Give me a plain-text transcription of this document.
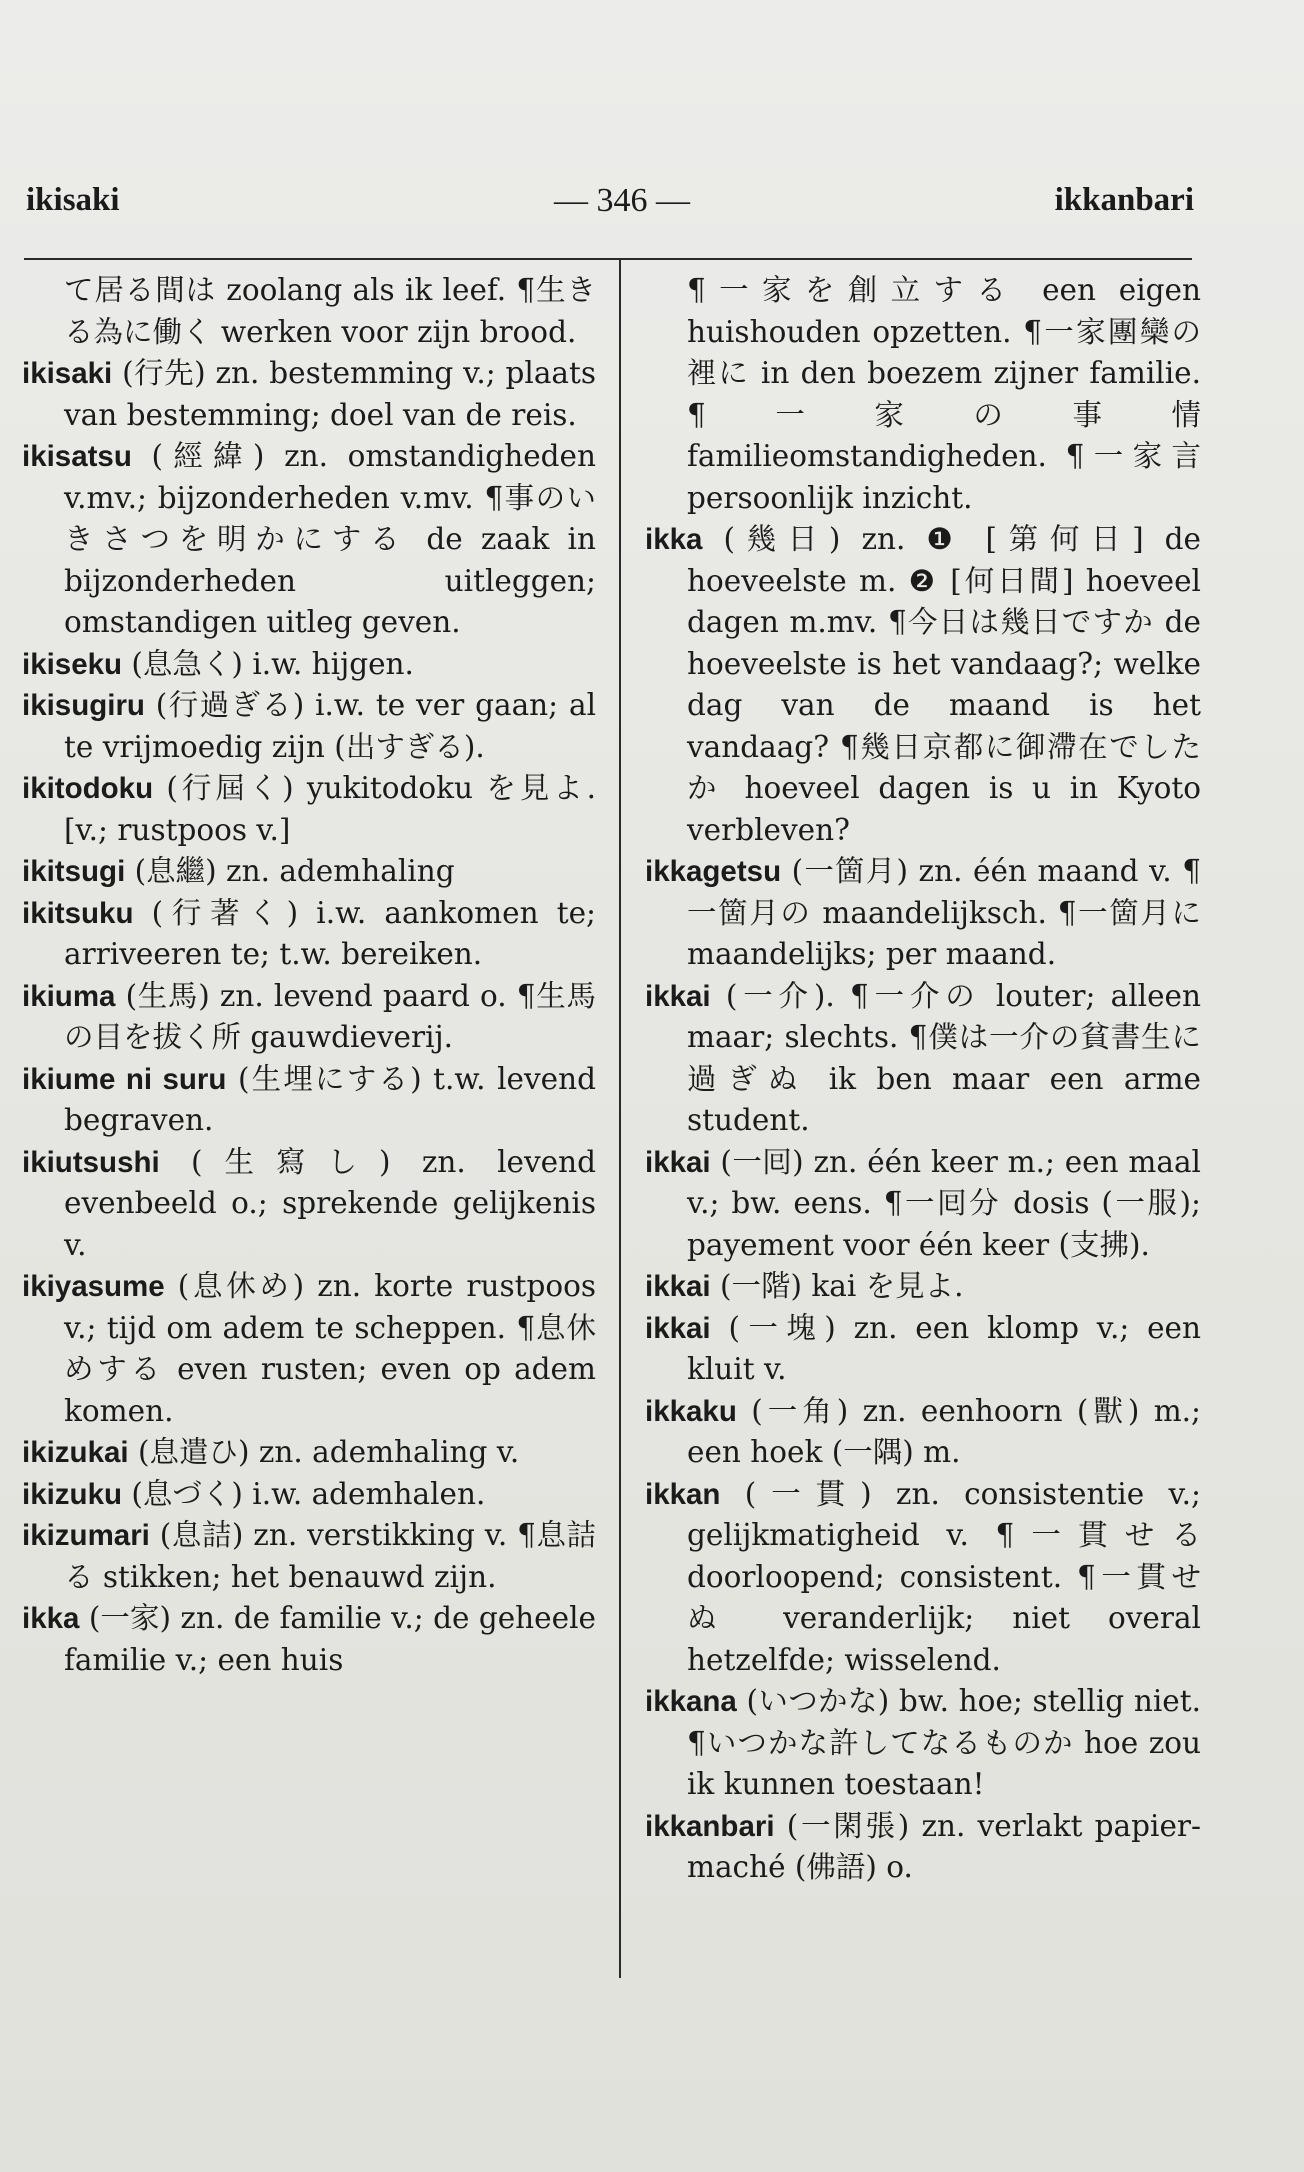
ikisaki	— 346 —	ikkanbari

て居る間は zoolang als ik leef. ¶生きる為に働く werken voor zijn brood.

ikisaki (行先) zn. bestemming v.; plaats van bestemming; doel van de reis.

ikisatsu (經緯) zn. omstandigheden v.mv.; bijzonderheden v.mv. ¶事のいきさつを明かにする de zaak in bijzonderheden uitleggen; omstandigen uitleg geven.

ikiseku (息急く) i.w. hijgen.

ikisugiru (行過ぎる) i.w. te ver gaan; al te vrijmoedig zijn (出すぎる).

ikitodoku (行屆く) yukitodoku を見よ. [v.; rustpoos v.]

ikitsugi (息繼) zn. ademhaling

ikitsuku (行著く) i.w. aankomen te; arriveeren te; t.w. bereiken.

ikiuma (生馬) zn. levend paard o. ¶生馬の目を拔く所 gauwdieverij.

ikiume ni suru (生埋にする) t.w. levend begraven.

ikiutsushi (生寫し) zn. levend evenbeeld o.; sprekende gelijkenis v.

ikiyasume (息休め) zn. korte rustpoos v.; tijd om adem te scheppen. ¶息休めする even rusten; even op adem komen.

ikizukai (息遣ひ) zn. ademhaling v.

ikizuku (息づく) i.w. ademhalen.

ikizumari (息詰) zn. verstikking v. ¶息詰る stikken; het benauwd zijn.

ikka (一家) zn. de familie v.; de geheele familie v.; een huis

¶一家を創立する een eigen huishouden opzetten. ¶一家團欒の裡に in den boezem zijner familie. ¶一家の事情 familieomstandigheden. ¶一家言 persoonlijk inzicht.

ikka (幾日) zn. ❶ [第何日] de hoeveelste m. ❷ [何日間] hoeveel dagen m.mv. ¶今日は幾日ですか de hoeveelste is het vandaag?; welke dag van de maand is het vandaag? ¶幾日京都に御滯在でしたか hoeveel dagen is u in Kyoto verbleven?

ikkagetsu (一箇月) zn. één maand v. ¶一箇月の maandelijksch. ¶一箇月に maandelijks; per maand.

ikkai (一介). ¶一介の louter; alleen maar; slechts. ¶僕は一介の貧書生に過ぎぬ ik ben maar een arme student.

ikkai (一囘) zn. één keer m.; een maal v.; bw. eens. ¶一囘分 dosis (一服); payement voor één keer (支拂).

ikkai (一階) kai を見よ.

ikkai (一塊) zn. een klomp v.; een kluit v.

ikkaku (一角) zn. eenhoorn (獸) m.; een hoek (一隅) m.

ikkan (一貫) zn. consistentie v.; gelijkmatigheid v. ¶一貫せる doorloopend; consistent. ¶一貫せぬ veranderlijk; niet overal hetzelfde; wisselend.

ikkana (いつかな) bw. hoe; stellig niet. ¶いつかな許してなるものか hoe zou ik kunnen toestaan!

ikkanbari (一閑張) zn. verlakt papier-maché (佛語) o.
